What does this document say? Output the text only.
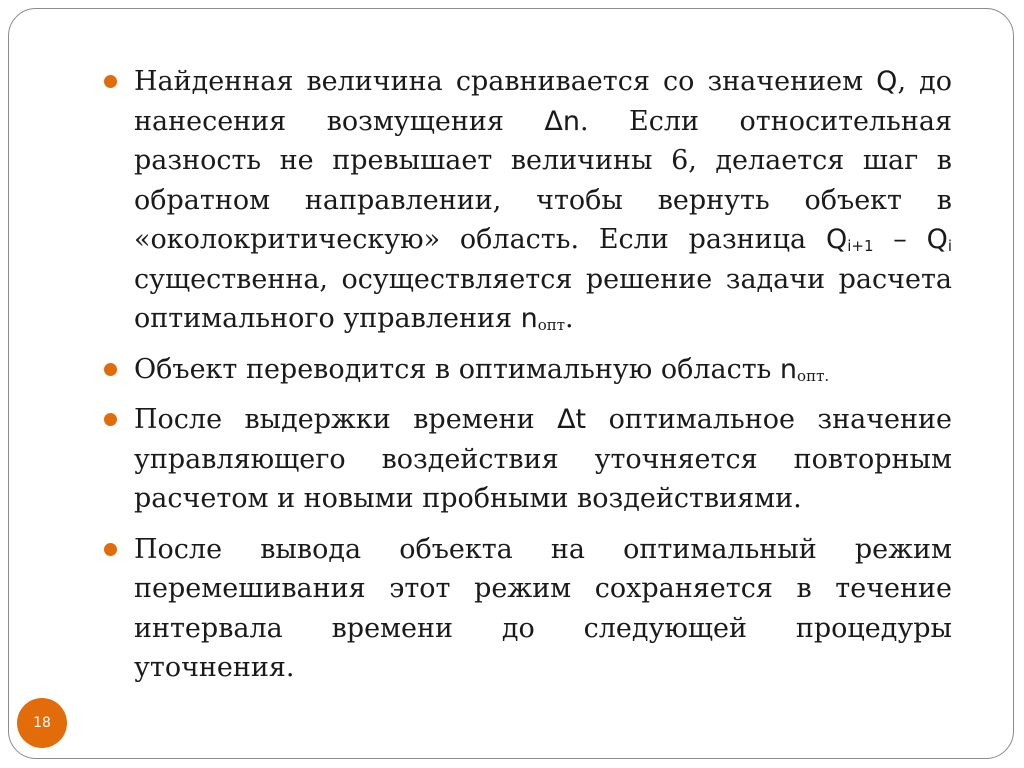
Найденная величина сравнивается со значением Q, до нанесения возмущения Δn. Если относительная разность не превышает величины 6, делается шаг в обратном направлении, чтобы вернуть объект в «околокритическую» область. Если разница $Q_{i+1} - Q_i$ существенна, осуществляется решение задачи расчета оптимального управления $n_{опт}$.
Объект переводится в оптимальную область $n_{опт.}$
После выдержки времени Δt оптимальное значение управляющего воздействия уточняется повторным расчетом и новыми пробными воздействиями.
После вывода объекта на оптимальный режим перемешивания этот режим сохраняется в течение интервала времени до следующей процедуры уточнения.
18
